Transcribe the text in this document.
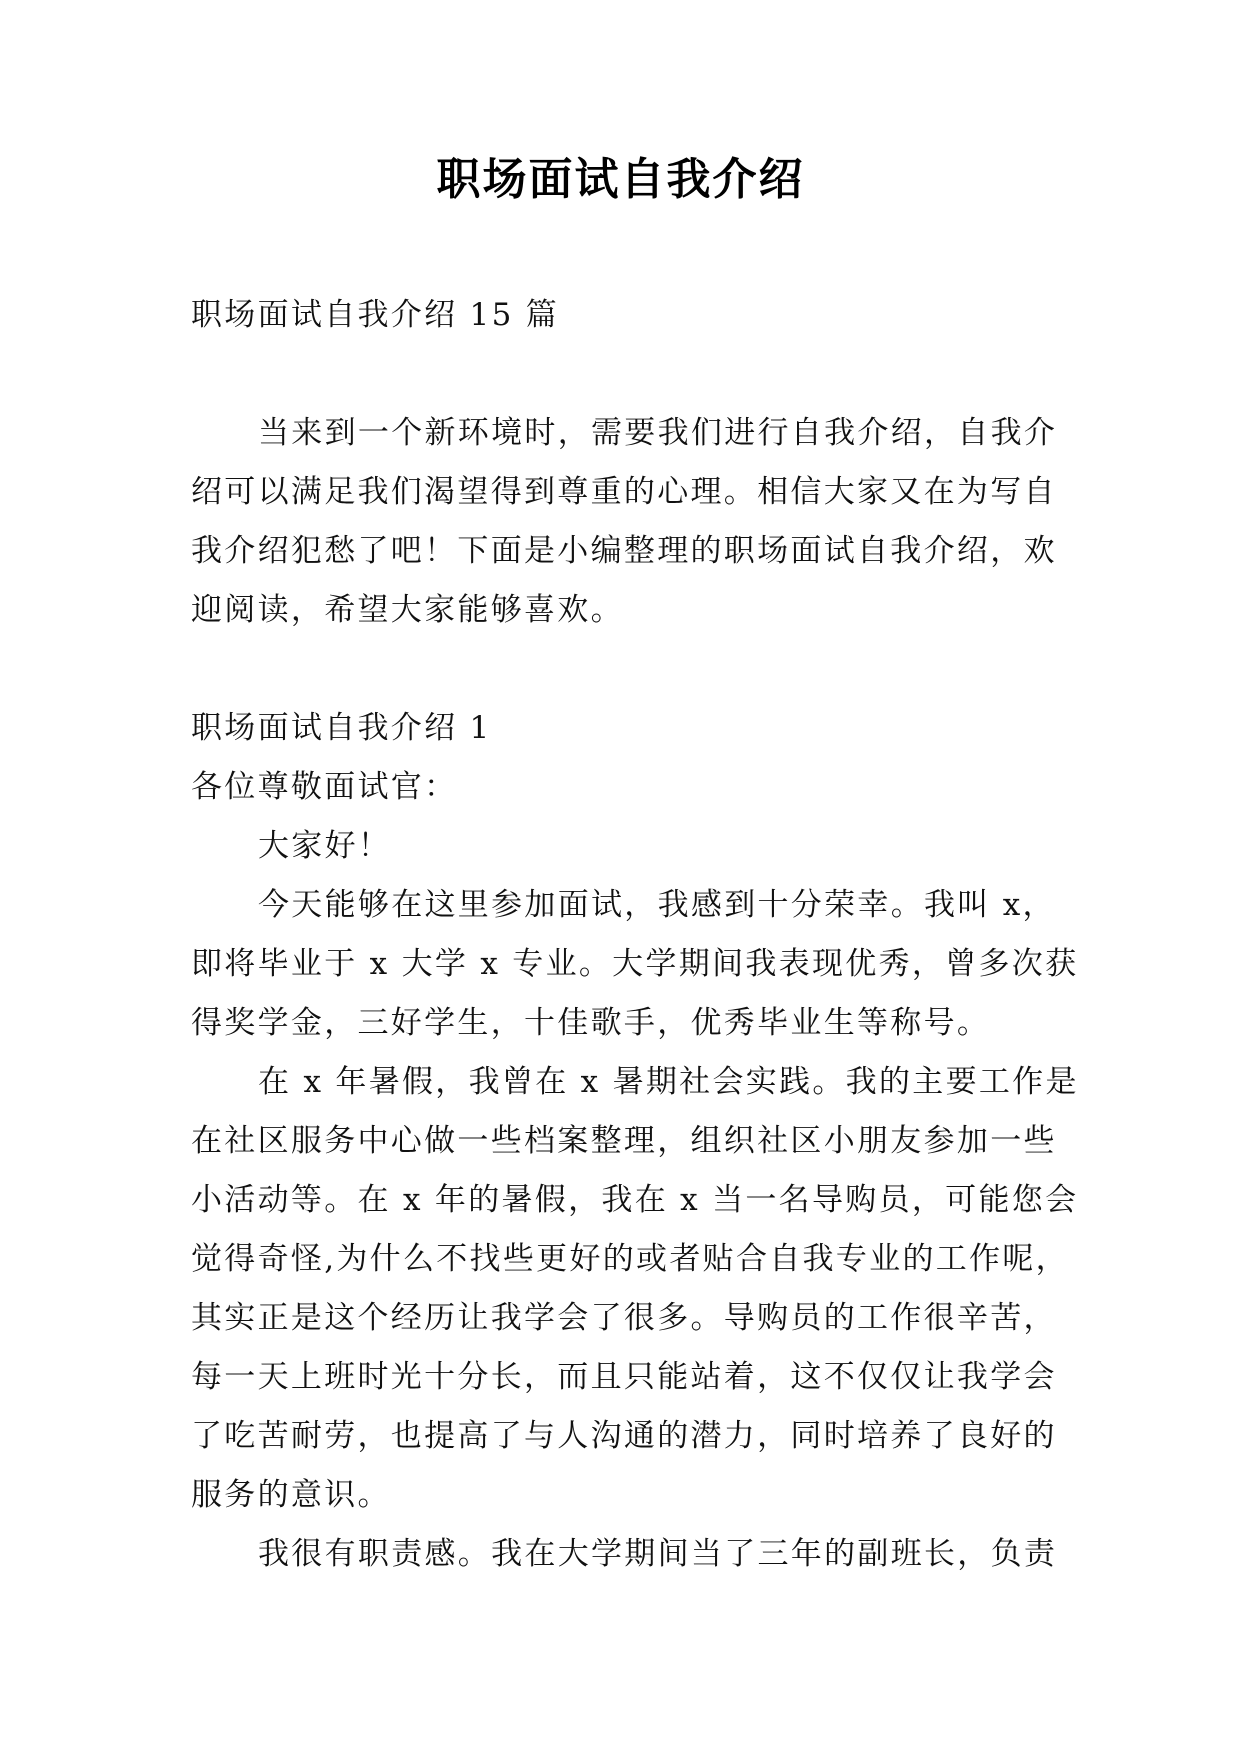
职场面试自我介绍
职场面试自我介绍 15 篇
当来到一个新环境时，需要我们进行自我介绍，自我介
绍可以满足我们渴望得到尊重的心理。相信大家又在为写自
我介绍犯愁了吧！下面是小编整理的职场面试自我介绍，欢
迎阅读，希望大家能够喜欢。
职场面试自我介绍 1
各位尊敬面试官：
大家好！
今天能够在这里参加面试，我感到十分荣幸。我叫 x，
即将毕业于 x 大学 x 专业。大学期间我表现优秀，曾多次获
得奖学金，三好学生，十佳歌手，优秀毕业生等称号。
在 x 年暑假，我曾在 x 暑期社会实践。我的主要工作是
在社区服务中心做一些档案整理，组织社区小朋友参加一些
小活动等。在 x 年的暑假，我在 x 当一名导购员，可能您会
觉得奇怪,为什么不找些更好的或者贴合自我专业的工作呢，
其实正是这个经历让我学会了很多。导购员的工作很辛苦，
每一天上班时光十分长，而且只能站着，这不仅仅让我学会
了吃苦耐劳，也提高了与人沟通的潜力，同时培养了良好的
服务的意识。
我很有职责感。我在大学期间当了三年的副班长，负责
